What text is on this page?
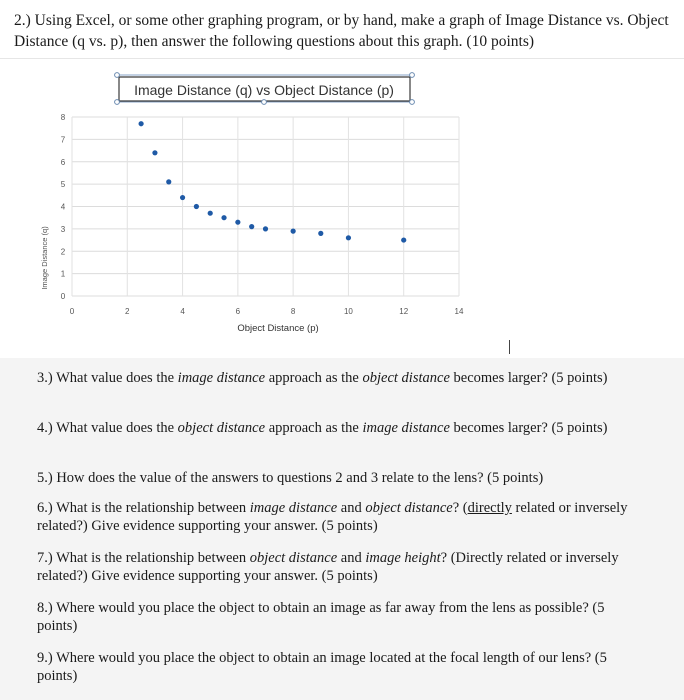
2.) Using Excel, or some other graphing program, or by hand, make a graph of Image Distance vs. Object Distance (q vs. p), then answer the following questions about this graph. (10 points)
0
1
2
3
4
5
6
7
8
0	2	4	6	8	10	12	14
Image Distance (q)
Object Distance (p)
Image Distance (q) vs Object Distance (p)
3.) What value does the image distance approach as the object distance becomes larger? (5 points)
4.) What value does the object distance approach as the image distance becomes larger? (5 points)
5.) How does the value of the answers to questions 2 and 3 relate to the lens? (5 points)
6.) What is the relationship between image distance and object distance? (directly related or inversely related?) Give evidence supporting your answer. (5 points)
7.) What is the relationship between object distance and image height? (Directly related or inversely related?) Give evidence supporting your answer. (5 points)
8.) Where would you place the object to obtain an image as far away from the lens as possible? (5 points)
9.) Where would you place the object to obtain an image located at the focal length of our lens? (5 points)
